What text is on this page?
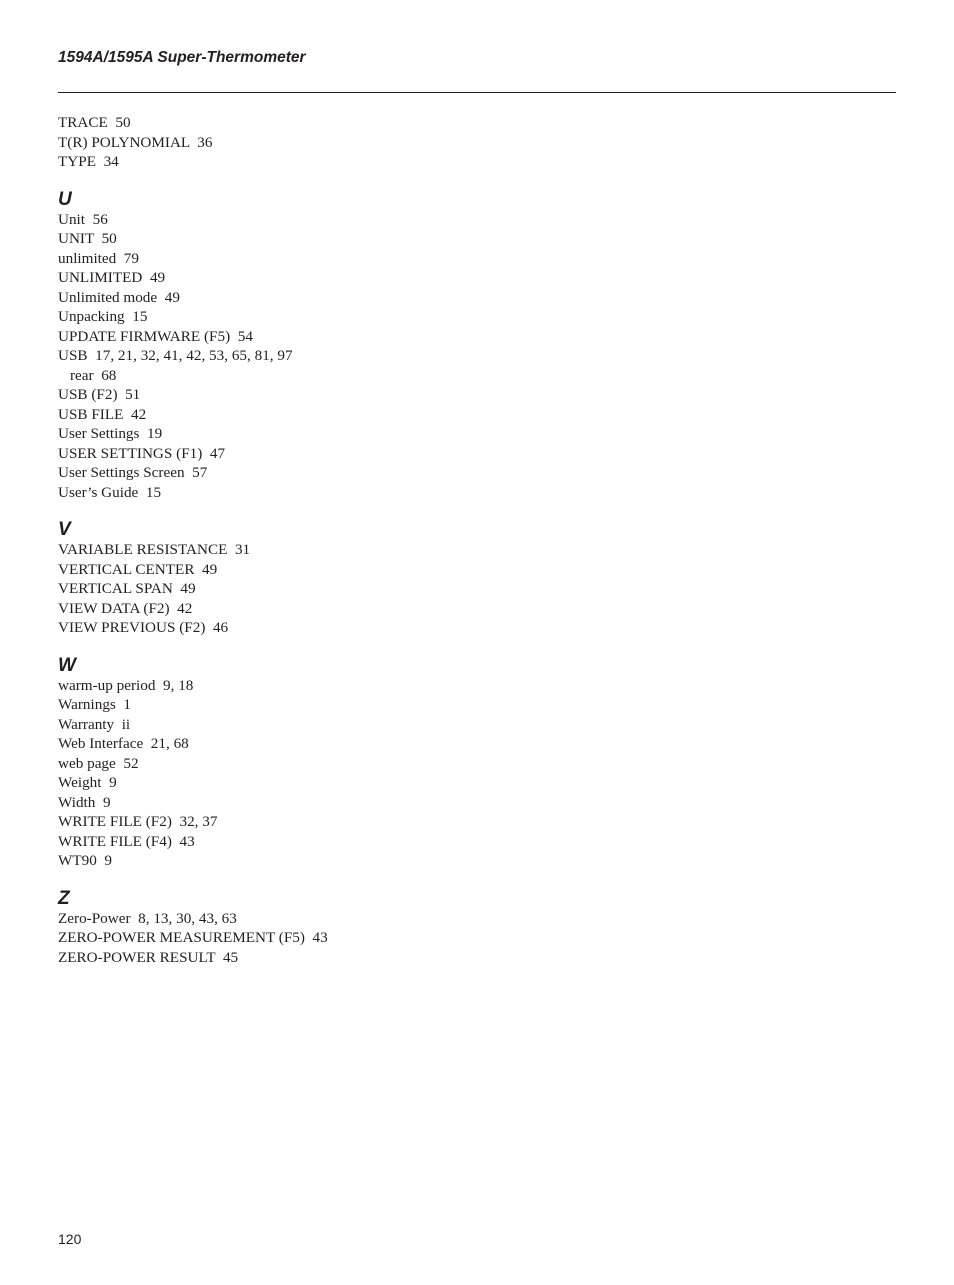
1594A/1595A Super-Thermometer

TRACE  50
T(R) POLYNOMIAL  36
TYPE  34
U
Unit  56
UNIT  50
unlimited  79
UNLIMITED  49
Unlimited mode  49
Unpacking  15
UPDATE FIRMWARE (F5)  54
USB  17, 21, 32, 41, 42, 53, 65, 81, 97
rear  68
USB (F2)  51
USB FILE  42
User Settings  19
USER SETTINGS (F1)  47
User Settings Screen  57
User’s Guide  15
V
VARIABLE RESISTANCE  31
VERTICAL CENTER  49
VERTICAL SPAN  49
VIEW DATA (F2)  42
VIEW PREVIOUS (F2)  46
W
warm-up period  9, 18
Warnings  1
Warranty  ii
Web Interface  21, 68
web page  52
Weight  9
Width  9
WRITE FILE (F2)  32, 37
WRITE FILE (F4)  43
WT90  9
Z
Zero-Power  8, 13, 30, 43, 63
ZERO-POWER MEASUREMENT (F5)  43
ZERO-POWER RESULT  45
120
